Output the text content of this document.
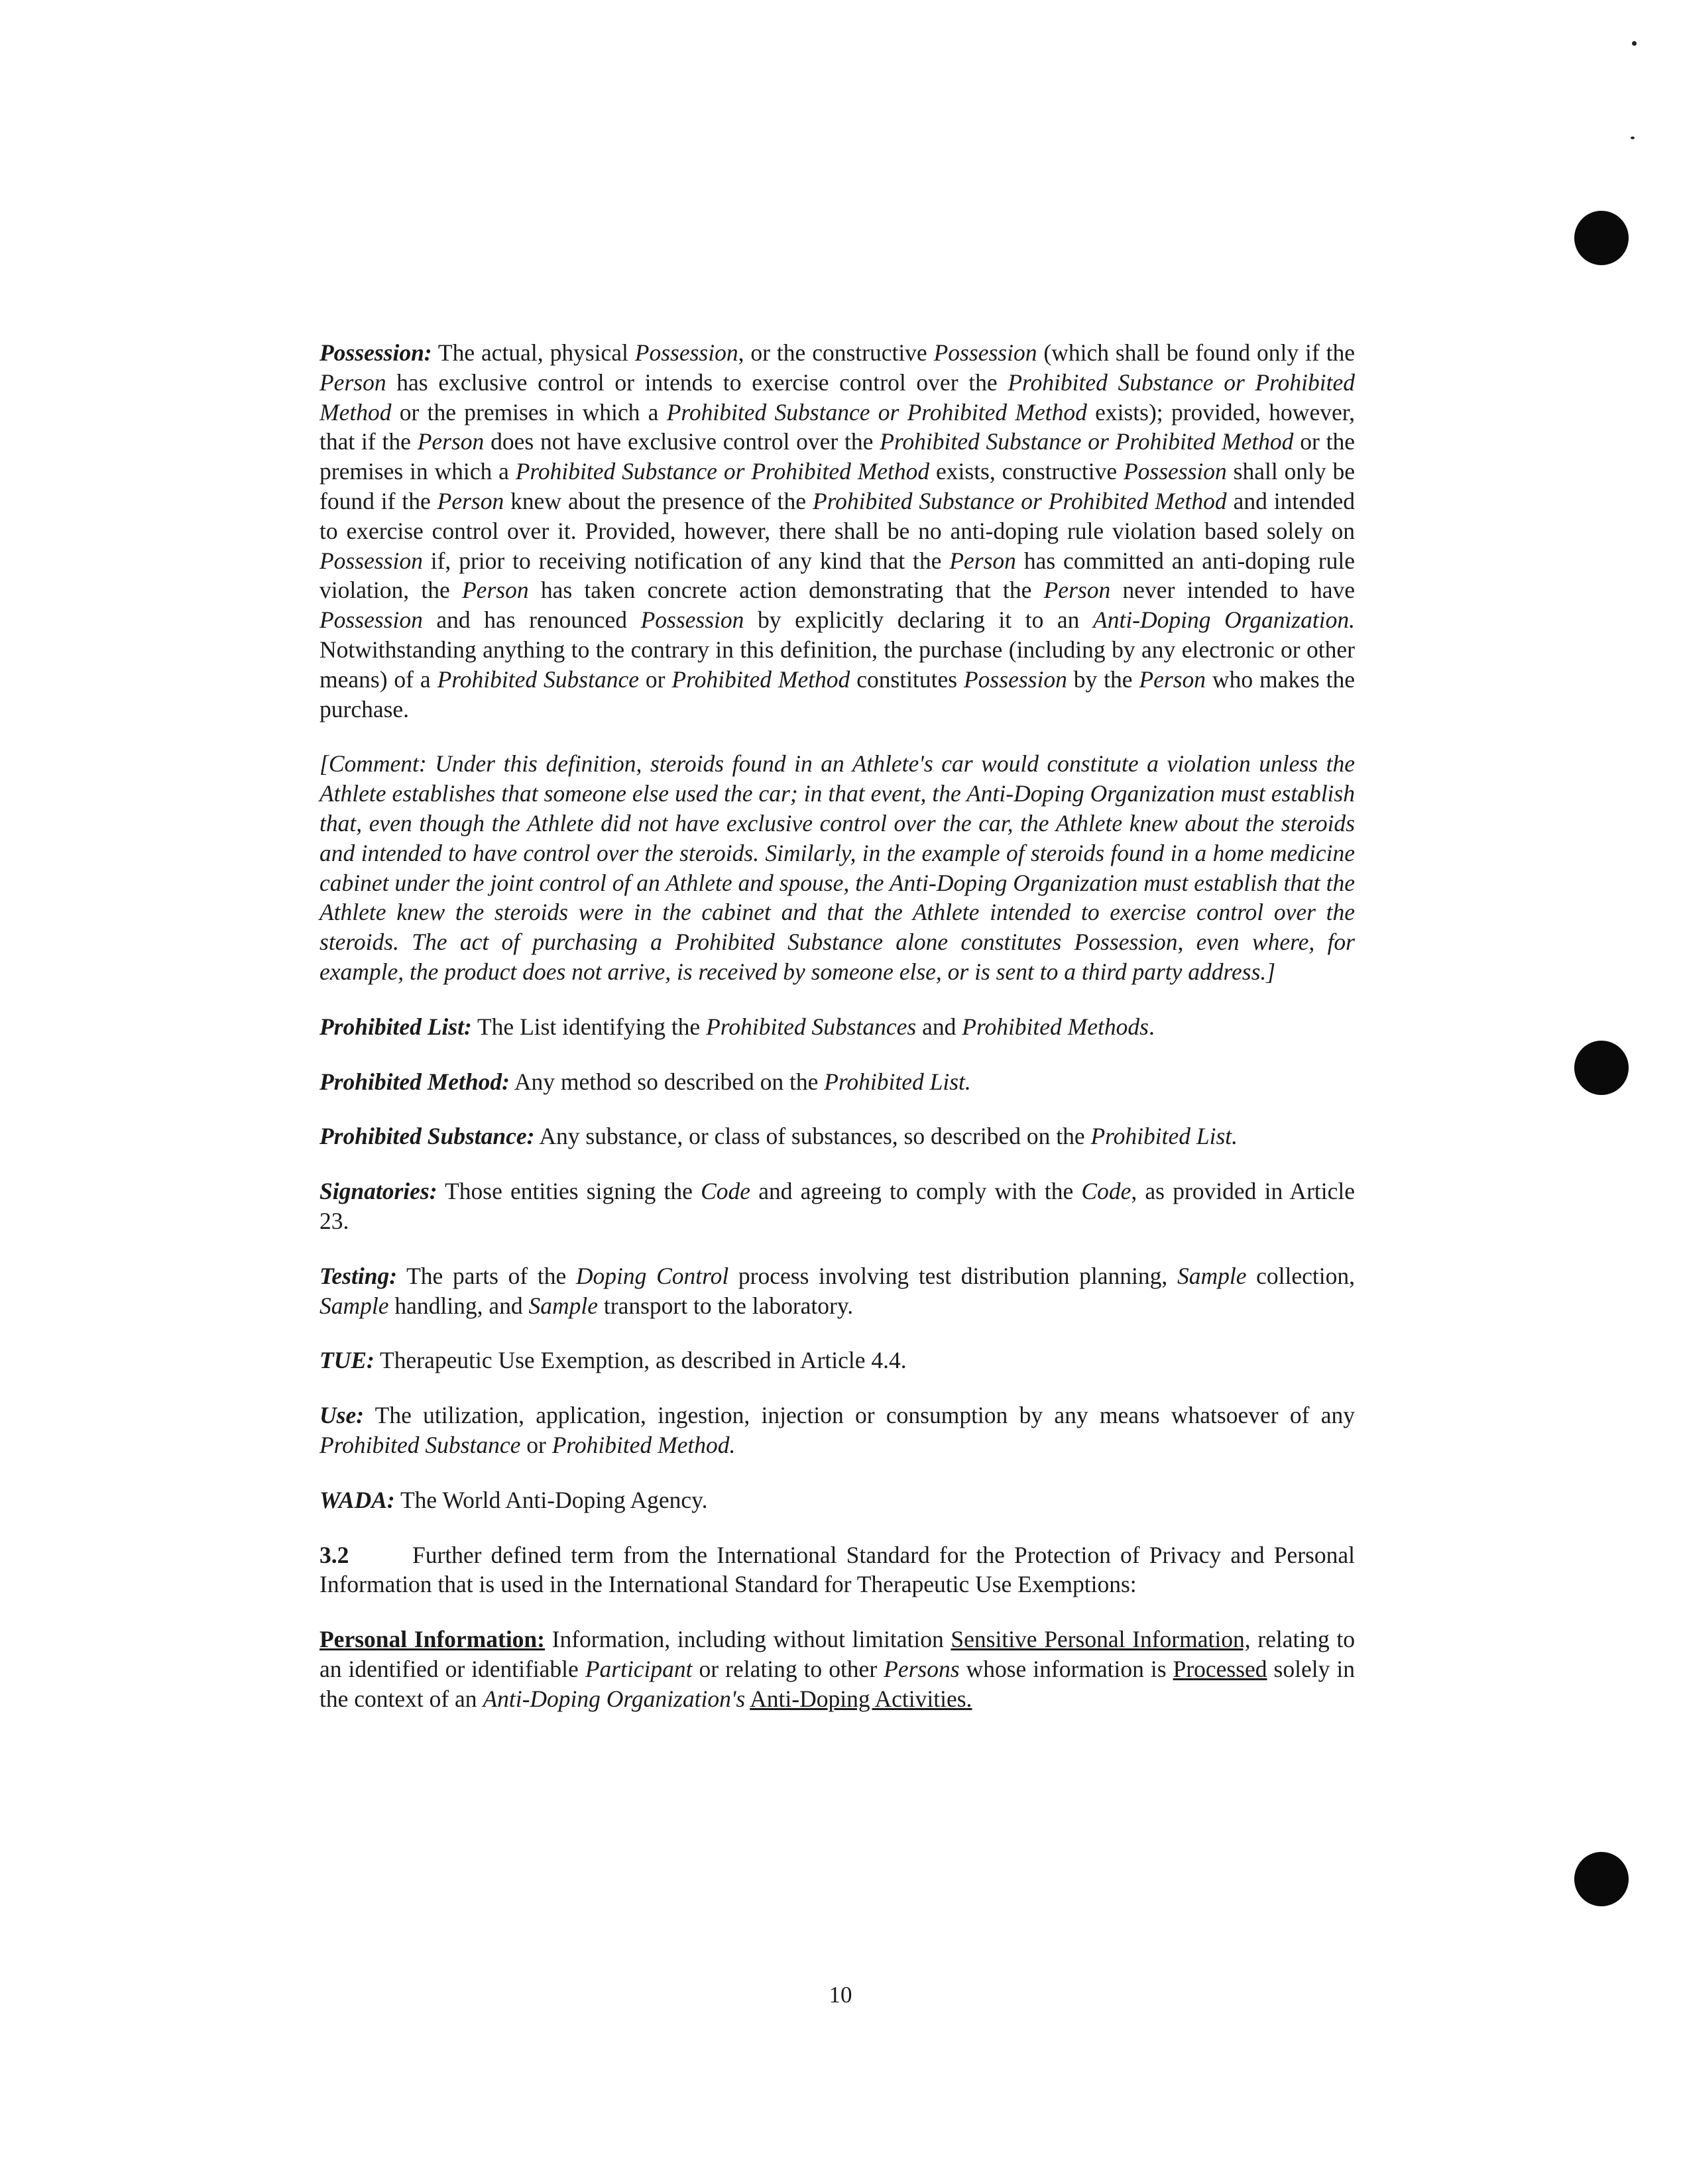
Possession: The actual, physical Possession, or the constructive Possession (which shall be found only if the Person has exclusive control or intends to exercise control over the Prohibited Substance or Prohibited Method or the premises in which a Prohibited Substance or Prohibited Method exists); provided, however, that if the Person does not have exclusive control over the Prohibited Substance or Prohibited Method or the premises in which a Prohibited Substance or Prohibited Method exists, constructive Possession shall only be found if the Person knew about the presence of the Prohibited Substance or Prohibited Method and intended to exercise control over it. Provided, however, there shall be no anti-doping rule violation based solely on Possession if, prior to receiving notification of any kind that the Person has committed an anti-doping rule violation, the Person has taken concrete action demonstrating that the Person never intended to have Possession and has renounced Possession by explicitly declaring it to an Anti-Doping Organization. Notwithstanding anything to the contrary in this definition, the purchase (including by any electronic or other means) of a Prohibited Substance or Prohibited Method constitutes Possession by the Person who makes the purchase.

[Comment: Under this definition, steroids found in an Athlete's car would constitute a violation unless the Athlete establishes that someone else used the car; in that event, the Anti-Doping Organization must establish that, even though the Athlete did not have exclusive control over the car, the Athlete knew about the steroids and intended to have control over the steroids. Similarly, in the example of steroids found in a home medicine cabinet under the joint control of an Athlete and spouse, the Anti-Doping Organization must establish that the Athlete knew the steroids were in the cabinet and that the Athlete intended to exercise control over the steroids. The act of purchasing a Prohibited Substance alone constitutes Possession, even where, for example, the product does not arrive, is received by someone else, or is sent to a third party address.]

Prohibited List: The List identifying the Prohibited Substances and Prohibited Methods.

Prohibited Method: Any method so described on the Prohibited List.

Prohibited Substance: Any substance, or class of substances, so described on the Prohibited List.

Signatories: Those entities signing the Code and agreeing to comply with the Code, as provided in Article 23.

Testing: The parts of the Doping Control process involving test distribution planning, Sample collection, Sample handling, and Sample transport to the laboratory.

TUE: Therapeutic Use Exemption, as described in Article 4.4.

Use: The utilization, application, ingestion, injection or consumption by any means whatsoever of any Prohibited Substance or Prohibited Method.

WADA: The World Anti-Doping Agency.

3.2	Further defined term from the International Standard for the Protection of Privacy and Personal Information that is used in the International Standard for Therapeutic Use Exemptions:

Personal Information: Information, including without limitation Sensitive Personal Information, relating to an identified or identifiable Participant or relating to other Persons whose information is Processed solely in the context of an Anti-Doping Organization's Anti-Doping Activities.

10
